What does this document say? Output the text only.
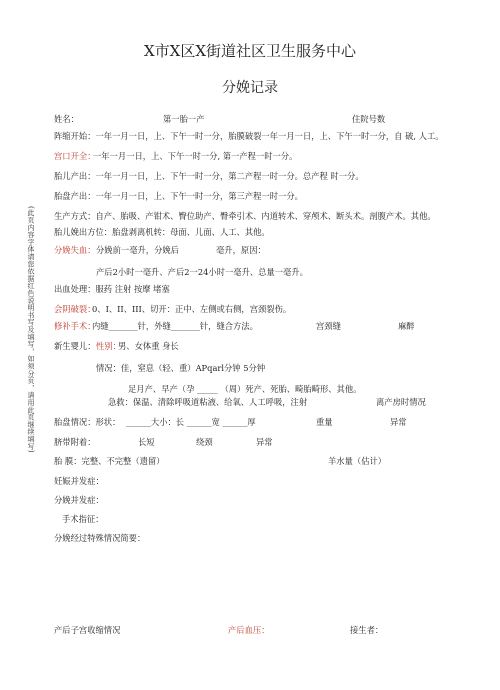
X市X区X街道社区卫生服务中心
分娩记录
(此页内容字体请您依据红色说明书写及填写，如须分页，请用此页继续填写)
姓名：	第一胎一产	住院号数
阵缩开始：一年一月一日，上、下午一时一分，胎膜破裂一年一月一日，上、下午一时一分，自 破, 人工。
宫口开全：
一年一月一日，上、下午一时一分, 第一产程一时一分。
胎儿产出：一年一月一日，上、下午一时一分，第二产程一时一分。总产程 时一分。
胎盘产出：一年一月一日，上、下午一时一分，第三产程一时一分。
生产方式：自产、胎吸、产钳术、臀位助产、臀牵引术、内道转术、穿颅术、断头术。剖腹产术。其他。
胎儿娩出方位：胎盘剥离机转：母面、儿面、人工、其他。
分娩失血： 分娩前一毫升，分娩后	毫升，原因：
产后2小时一毫升、产后2一24小时一毫升、总量一毫升。
出血处理：服药 注射 按摩 堵塞
会阴破裂：
0、I、II、III、切开：正中、左侧或右侧，宫颈裂伤。
修补手术：
内缝_______针，外缝_______针，缝合方法。	宫颈缝	麻醉
新生婴儿： 性别：
男、女体重 身长
情况：佳，窒息（轻、重）APqarl分钟 5分钟
足月产、早产（孕 _____ （周）死产、死胎、畸胎畸形、其他。
急救：保温、清除呼吸道粘液、给氧、人工呼吸，注射	离产房时情况
胎盘情况：形状： ______大小：长 ______宽 ______厚	重量	异常
脐带附着：	长短	绕颈	异常
胎 膜：完整、不完整（遗留）	羊水量（估计）
妊娠并发症：
分娩并发症：
手术指征：
分娩经过特殊情况简要：
产后子宫收缩情况	产后血压：	接生者：
